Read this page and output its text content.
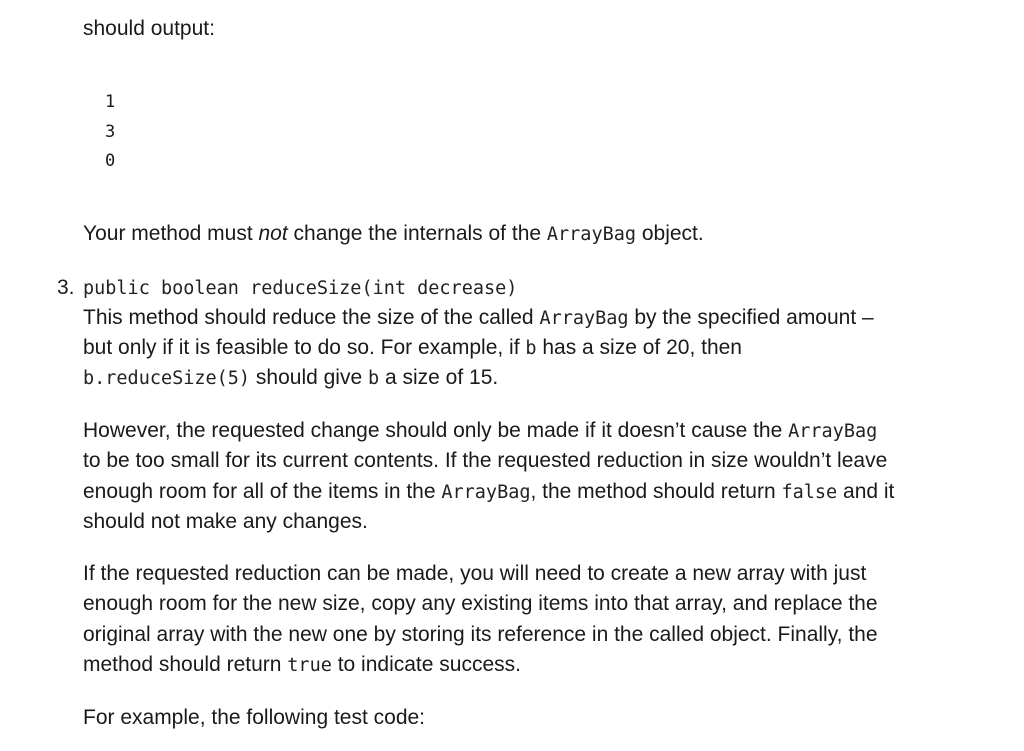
should output:

1
3
0

Your method must not change the internals of the ArrayBag object.

3. public boolean reduceSize(int decrease)

This method should reduce the size of the called ArrayBag by the specified amount –

but only if it is feasible to do so. For example, if b has a size of 20, then

b.reduceSize(5) should give b a size of 15.

However, the requested change should only be made if it doesn’t cause the ArrayBag

to be too small for its current contents. If the requested reduction in size wouldn’t leave

enough room for all of the items in the ArrayBag, the method should return false and it

should not make any changes.

If the requested reduction can be made, you will need to create a new array with just

enough room for the new size, copy any existing items into that array, and replace the

original array with the new one by storing its reference in the called object. Finally, the

method should return true to indicate success.

For example, the following test code:
